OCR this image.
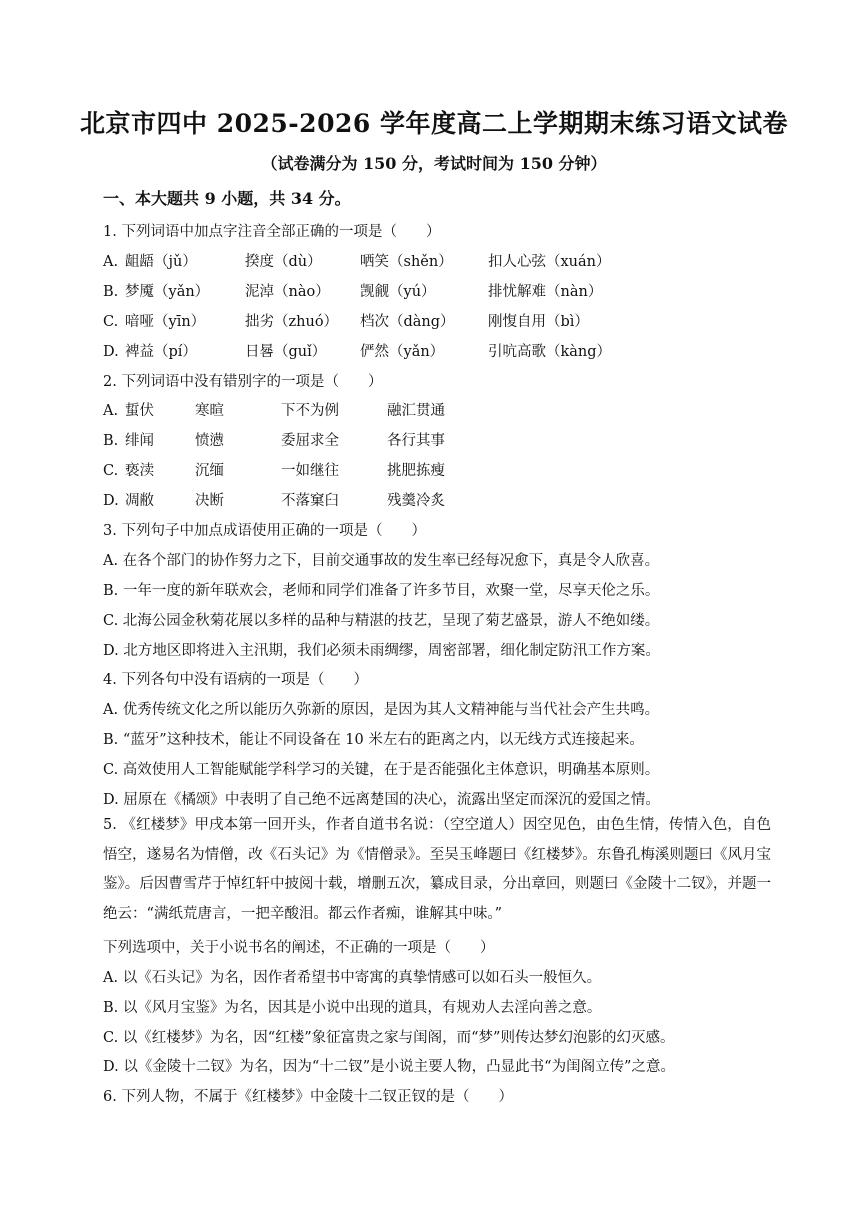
北京市四中 2025-2026 学年度高二上学期期末练习语文试卷
（试卷满分为 150 分，考试时间为 150 分钟）
一、本大题共 9 小题，共 34 分。
1. 下列词语中加点字注音全部正确的一项是（　　）
A. 龃龉（jǔ）	揆度（dù）	哂笑（shěn） 扣人心弦（xuán）
B. 梦魇（yǎn） 泥淖（nào） 觊觎（yú）	排忧解难（nàn）
C. 喑哑（yīn）	拙劣（zhuó） 档次（dàng） 刚愎自用（bì）
D. 裨益（pí）	日晷（guǐ） 俨然（yǎn）	引吭高歌（kàng）
2. 下列词语中没有错别字的一项是（　　）
A. 蜇伏	寒暄	下不为例	融汇贯通
B. 绯闻	愤懑	委屈求全	各行其事
C. 亵渎	沉缅	一如继往	挑肥拣瘦
D. 凋敝	决断	不落窠臼	残羹冷炙
3. 下列句子中加点成语使用正确的一项是（　　）
A. 在各个部门的协作努力之下，目前交通事故的发生率已经每况愈下，真是令人欣喜。
B. 一年一度的新年联欢会，老师和同学们准备了许多节目，欢聚一堂，尽享天伦之乐。
C. 北海公园金秋菊花展以多样的品种与精湛的技艺，呈现了菊艺盛景，游人不绝如缕。
D. 北方地区即将进入主汛期，我们必须未雨绸缪，周密部署，细化制定防汛工作方案。
4. 下列各句中没有语病的一项是（　　）
A. 优秀传统文化之所以能历久弥新的原因，是因为其人文精神能与当代社会产生共鸣。
B. “蓝牙”这种技术，能让不同设备在 10 米左右的距离之内，以无线方式连接起来。
C. 高效使用人工智能赋能学科学习的关键，在于是否能强化主体意识，明确基本原则。
D. 屈原在《橘颂》中表明了自己绝不远离楚国的决心，流露出坚定而深沉的爱国之情。
5. 《红楼梦》甲戌本第一回开头，作者自道书名说：（空空道人）因空见色，由色生情，传情入色，自色悟空，遂易名为情僧，改《石头记》为《情僧录》。至吴玉峰题曰《红楼梦》。东鲁孔梅溪则题曰《风月宝鉴》。后因曹雪芹于悼红轩中披阅十载，增删五次，纂成目录，分出章回，则题曰《金陵十二钗》，并题一绝云：“满纸荒唐言，一把辛酸泪。都云作者痴，谁解其中味。”
下列选项中，关于小说书名的阐述，不正确的一项是（　　）
A. 以《石头记》为名，因作者希望书中寄寓的真挚情感可以如石头一般恒久。
B. 以《风月宝鉴》为名，因其是小说中出现的道具，有规劝人去淫向善之意。
C. 以《红楼梦》为名，因“红楼”象征富贵之家与闺阁，而“梦”则传达梦幻泡影的幻灭感。
D. 以《金陵十二钗》为名，因为“十二钗”是小说主要人物，凸显此书“为闺阁立传”之意。
6. 下列人物，不属于《红楼梦》中金陵十二钗正钗的是（　　）
